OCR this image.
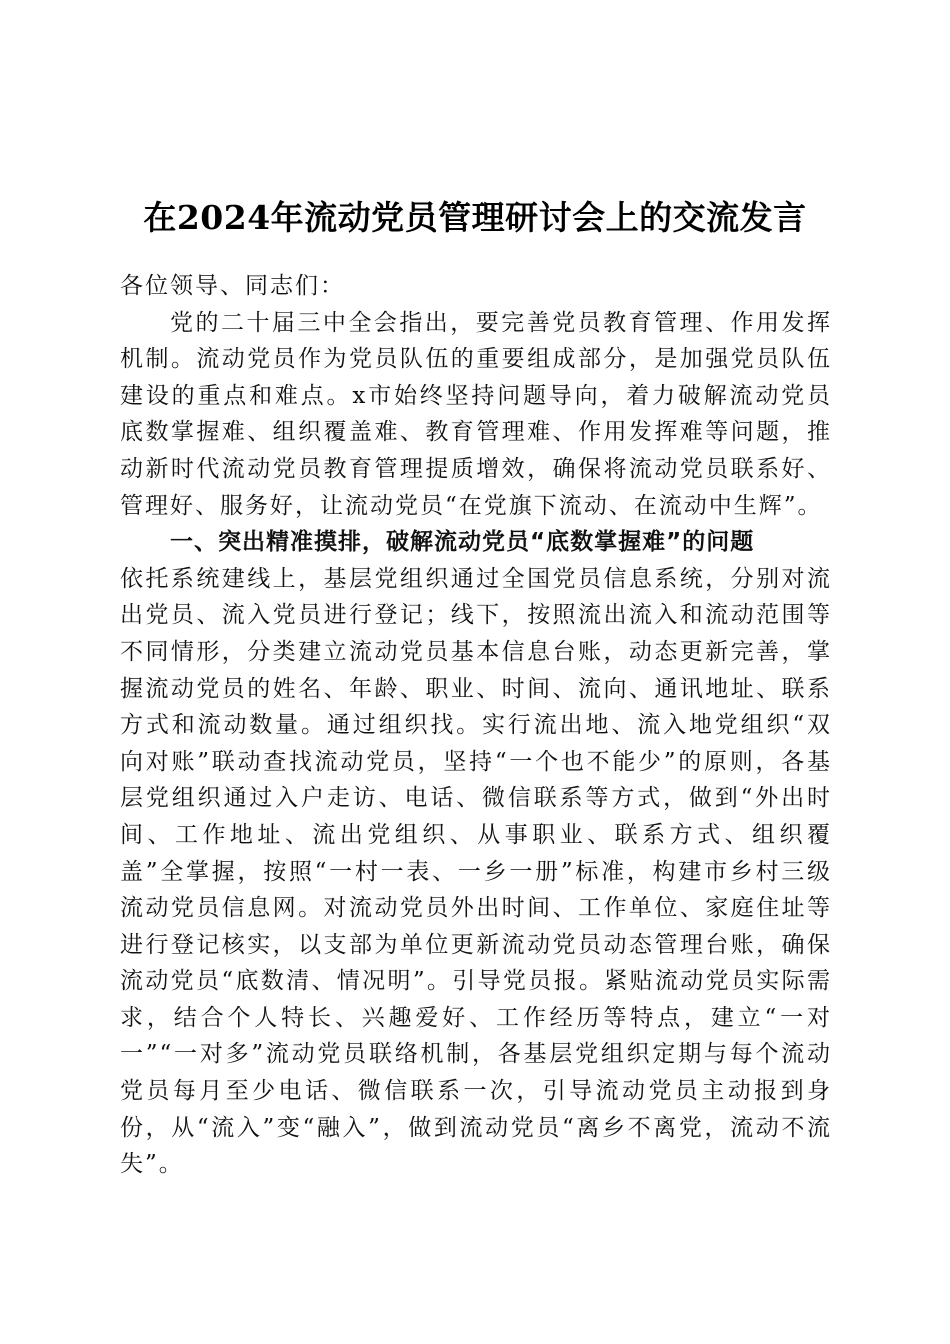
在2024年流动党员管理研讨会上的交流发言

各位领导、同志们：

党的二十届三中全会指出，要完善党员教育管理、作用发挥机制。流动党员作为党员队伍的重要组成部分，是加强党员队伍建设的重点和难点。x市始终坚持问题导向，着力破解流动党员底数掌握难、组织覆盖难、教育管理难、作用发挥难等问题，推动新时代流动党员教育管理提质增效，确保将流动党员联系好、管理好、服务好，让流动党员“在党旗下流动、在流动中生辉”。

一、突出精准摸排，破解流动党员“底数掌握难”的问题

依托系统建线上，基层党组织通过全国党员信息系统，分别对流出党员、流入党员进行登记；线下，按照流出流入和流动范围等不同情形，分类建立流动党员基本信息台账，动态更新完善，掌握流动党员的姓名、年龄、职业、时间、流向、通讯地址、联系方式和流动数量。通过组织找。实行流出地、流入地党组织“双向对账”联动查找流动党员，坚持“一个也不能少”的原则，各基层党组织通过入户走访、电话、微信联系等方式，做到“外出时间、工作地址、流出党组织、从事职业、联系方式、组织覆盖”全掌握，按照“一村一表、一乡一册”标准，构建市乡村三级流动党员信息网。对流动党员外出时间、工作单位、家庭住址等进行登记核实，以支部为单位更新流动党员动态管理台账，确保流动党员“底数清、情况明”。引导党员报。紧贴流动党员实际需求，结合个人特长、兴趣爱好、工作经历等特点，建立“一对一”“一对多”流动党员联络机制，各基层党组织定期与每个流动党员每月至少电话、微信联系一次，引导流动党员主动报到身份，从“流入”变“融入”，做到流动党员“离乡不离党，流动不流失”。
